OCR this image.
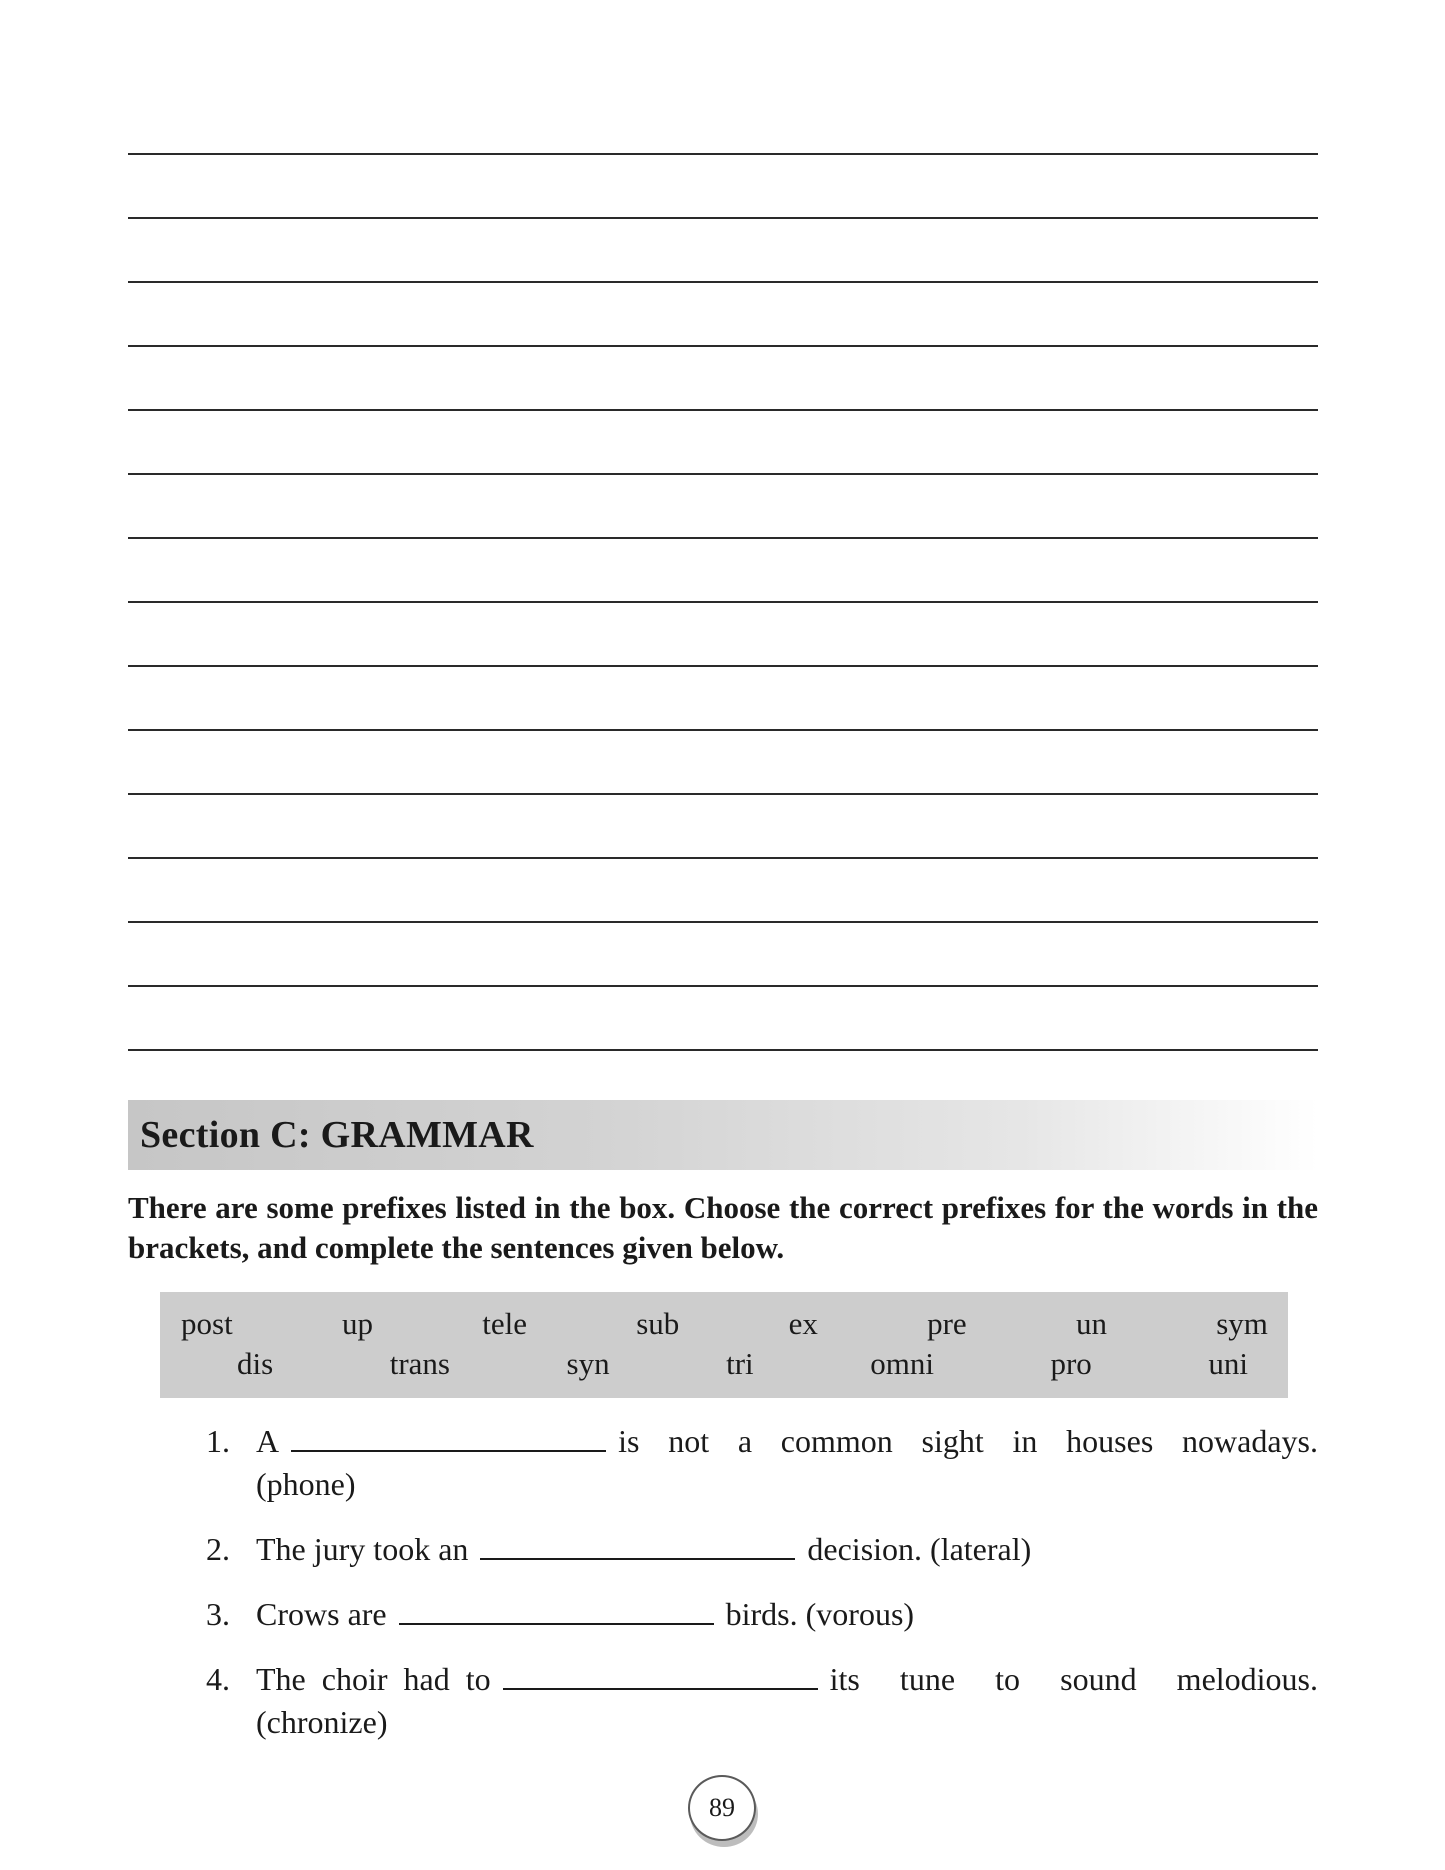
Section C: GRAMMAR
There are some prefixes listed in the box. Choose the correct prefixes for the words in the brackets, and complete the sentences given below.
post	up	tele	sub	ex	pre	un	sym
dis	trans	syn	tri	omni	pro	uni
1. A	is not a common sight in houses nowadays.
(phone)
2. The jury took an	decision. (lateral)
3. Crows are	birds. (vorous)
4. The choir had to	its tune to sound melodious.
(chronize)
89
